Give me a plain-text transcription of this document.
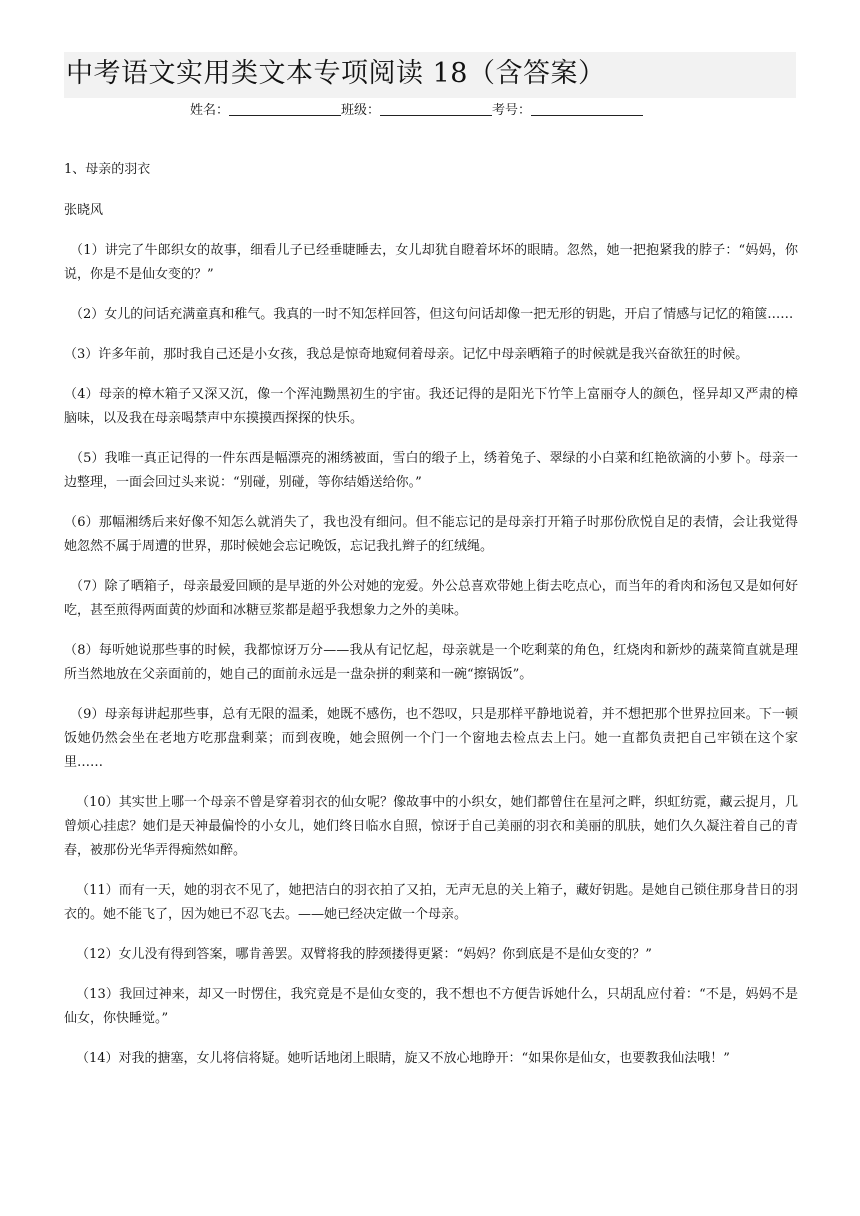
中考语文实用类文本专项阅读 18（含答案）
姓名：	班级：	考号：

1、母亲的羽衣

张晓风

（1）讲完了牛郎织女的故事，细看儿子已经垂睫睡去，女儿却犹自瞪着坏坏的眼睛。忽然，她一把抱紧我的脖子：“妈妈，你说，你是不是仙女变的？”

（2）女儿的问话充满童真和稚气。我真的一时不知怎样回答，但这句问话却像一把无形的钥匙，开启了情感与记忆的箱箧……

（3）许多年前，那时我自己还是小女孩，我总是惊奇地窥伺着母亲。记忆中母亲晒箱子的时候就是我兴奋欲狂的时候。

（4）母亲的樟木箱子又深又沉，像一个浑沌黝黑初生的宇宙。我还记得的是阳光下竹竿上富丽夺人的颜色，怪异却又严肃的樟脑味，以及我在母亲喝禁声中东摸摸西探探的快乐。

（5）我唯一真正记得的一件东西是幅漂亮的湘绣被面，雪白的缎子上，绣着兔子、翠绿的小白菜和红艳欲滴的小萝卜。母亲一边整理，一面会回过头来说：“别碰，别碰，等你结婚送给你。”

（6）那幅湘绣后来好像不知怎么就消失了，我也没有细问。但不能忘记的是母亲打开箱子时那份欣悦自足的表情，会让我觉得她忽然不属于周遭的世界，那时候她会忘记晚饭，忘记我扎辫子的红绒绳。

（7）除了晒箱子，母亲最爱回顾的是早逝的外公对她的宠爱。外公总喜欢带她上街去吃点心，而当年的肴肉和汤包又是如何好吃，甚至煎得两面黄的炒面和冰糖豆浆都是超乎我想象力之外的美味。

（8）每听她说那些事的时候，我都惊讶万分——我从有记忆起，母亲就是一个吃剩菜的角色，红烧肉和新炒的蔬菜简直就是理所当然地放在父亲面前的，她自己的面前永远是一盘杂拼的剩菜和一碗“擦锅饭”。

（9）母亲每讲起那些事，总有无限的温柔，她既不感伤，也不怨叹，只是那样平静地说着，并不想把那个世界拉回来。下一顿饭她仍然会坐在老地方吃那盘剩菜；而到夜晚，她会照例一个门一个窗地去检点去上闩。她一直都负责把自己牢锁在这个家里……

（10）其实世上哪一个母亲不曾是穿着羽衣的仙女呢？像故事中的小织女，她们都曾住在星河之畔，织虹纺霓，藏云捉月，几曾烦心挂虑？她们是天神最偏怜的小女儿，她们终日临水自照，惊讶于自己美丽的羽衣和美丽的肌肤，她们久久凝注着自己的青春，被那份光华弄得痴然如醉。

（11）而有一天，她的羽衣不见了，她把洁白的羽衣拍了又拍，无声无息的关上箱子，藏好钥匙。是她自己锁住那身昔日的羽衣的。她不能飞了，因为她已不忍飞去。——她已经决定做一个母亲。

（12）女儿没有得到答案，哪肯善罢。双臂将我的脖颈搂得更紧：“妈妈？你到底是不是仙女变的？”

（13）我回过神来，却又一时愣住，我究竟是不是仙女变的，我不想也不方便告诉她什么，只胡乱应付着：“不是，妈妈不是仙女，你快睡觉。”

（14）对我的搪塞，女儿将信将疑。她听话地闭上眼睛，旋又不放心地睁开：“如果你是仙女，也要教我仙法哦！”
